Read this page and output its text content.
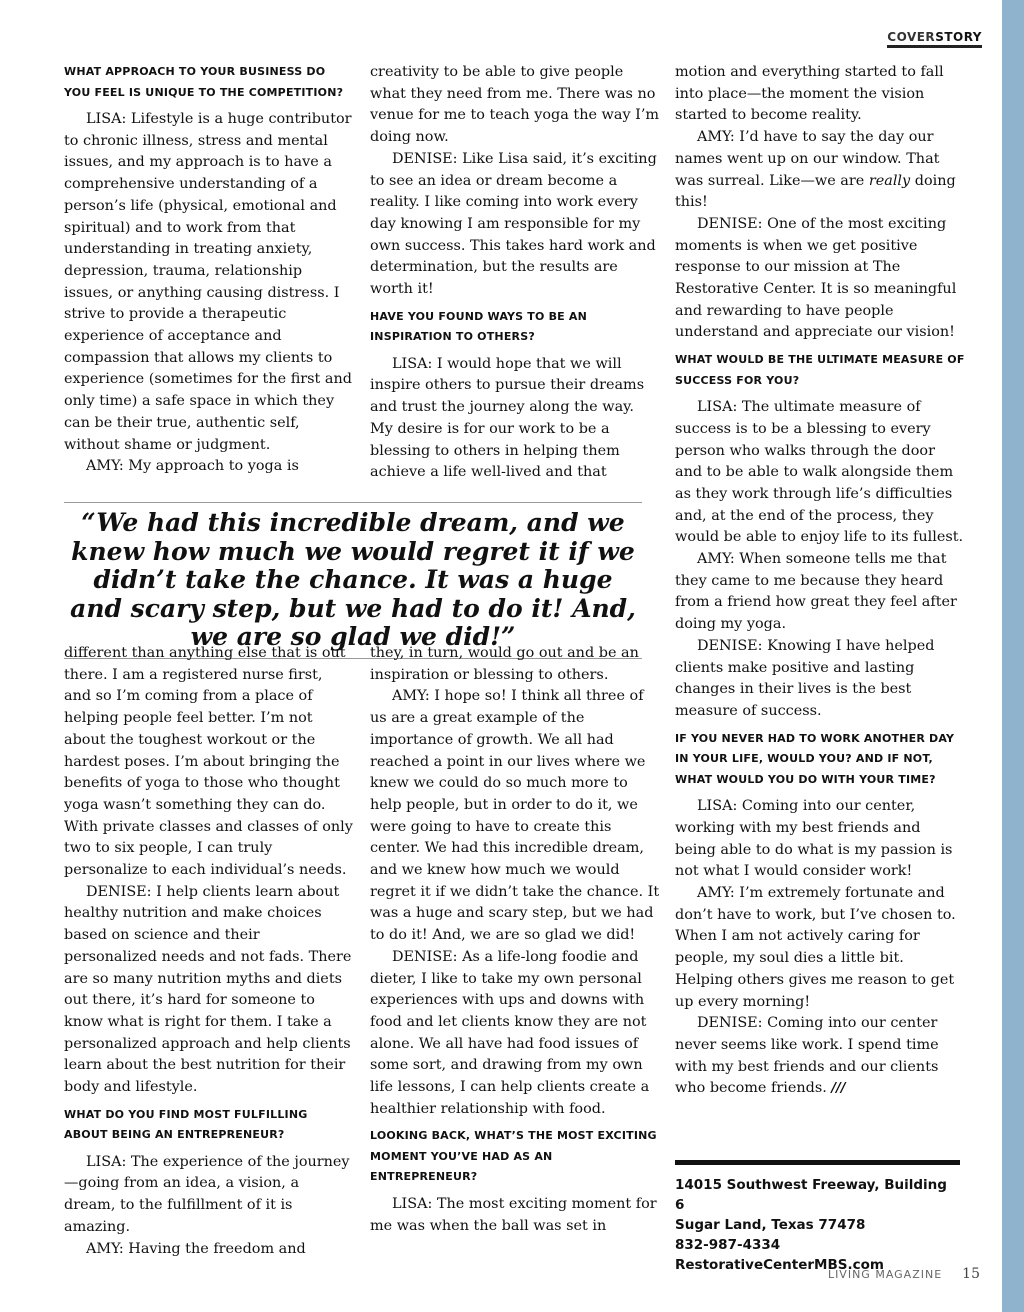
COVERSTORY
WHAT APPROACH TO YOUR BUSINESS DO YOU FEEL IS UNIQUE TO THE COMPETITION?

LISA: Lifestyle is a huge contributor to chronic illness, stress and mental issues, and my approach is to have a comprehensive understanding of a person’s life (physical, emotional and spiritual) and to work from that understanding in treating anxiety, depression, trauma, relationship issues, or anything causing distress. I strive to provide a therapeutic experience of acceptance and compassion that allows my clients to experience (sometimes for the first and only time) a safe space in which they can be their true, authentic self, without shame or judgment.

AMY: My approach to yoga is

creativity to be able to give people what they need from me. There was no venue for me to teach yoga the way I’m doing now.

DENISE: Like Lisa said, it’s exciting to see an idea or dream become a reality. I like coming into work every day knowing I am responsible for my own success. This takes hard work and determination, but the results are worth it!

HAVE YOU FOUND WAYS TO BE AN INSPIRATION TO OTHERS?

LISA: I would hope that we will inspire others to pursue their dreams and trust the journey along the way. My desire is for our work to be a blessing to others in helping them achieve a life well-lived and that

“We had this incredible dream, and we knew how much we would regret it if we didn’t take the chance. It was a huge and scary step, but we had to do it! And, we are so glad we did!”

different than anything else that is out there. I am a registered nurse first, and so I’m coming from a place of helping people feel better. I’m not about the toughest workout or the hardest poses. I’m about bringing the benefits of yoga to those who thought yoga wasn’t something they can do. With private classes and classes of only two to six people, I can truly personalize to each individual’s needs.

DENISE: I help clients learn about healthy nutrition and make choices based on science and their personalized needs and not fads. There are so many nutrition myths and diets out there, it’s hard for someone to know what is right for them. I take a personalized approach and help clients learn about the best nutrition for their body and lifestyle.

WHAT DO YOU FIND MOST FULFILLING ABOUT BEING AN ENTREPRENEUR?

LISA: The experience of the journey—going from an idea, a vision, a dream, to the fulfillment of it is amazing.

AMY: Having the freedom and

they, in turn, would go out and be an inspiration or blessing to others.

AMY: I hope so! I think all three of us are a great example of the importance of growth. We all had reached a point in our lives where we knew we could do so much more to help people, but in order to do it, we were going to have to create this center. We had this incredible dream, and we knew how much we would regret it if we didn’t take the chance. It was a huge and scary step, but we had to do it! And, we are so glad we did!

DENISE: As a life-long foodie and dieter, I like to take my own personal experiences with ups and downs with food and let clients know they are not alone. We all have had food issues of some sort, and drawing from my own life lessons, I can help clients create a healthier relationship with food.

LOOKING BACK, WHAT’S THE MOST EXCITING MOMENT YOU’VE HAD AS AN ENTREPRENEUR?

LISA: The most exciting moment for me was when the ball was set in

motion and everything started to fall into place—the moment the vision started to become reality.

AMY: I’d have to say the day our names went up on our window. That was surreal. Like—we are really doing this!

DENISE: One of the most exciting moments is when we get positive response to our mission at The Restorative Center. It is so meaningful and rewarding to have people understand and appreciate our vision!

WHAT WOULD BE THE ULTIMATE MEASURE OF SUCCESS FOR YOU?

LISA: The ultimate measure of success is to be a blessing to every person who walks through the door and to be able to walk alongside them as they work through life’s difficulties and, at the end of the process, they would be able to enjoy life to its fullest.

AMY: When someone tells me that they came to me because they heard from a friend how great they feel after doing my yoga.

DENISE: Knowing I have helped clients make positive and lasting changes in their lives is the best measure of success.

IF YOU NEVER HAD TO WORK ANOTHER DAY IN YOUR LIFE, WOULD YOU? AND IF NOT, WHAT WOULD YOU DO WITH YOUR TIME?

LISA: Coming into our center, working with my best friends and being able to do what is my passion is not what I would consider work!

AMY: I’m extremely fortunate and don’t have to work, but I’ve chosen to. When I am not actively caring for people, my soul dies a little bit. Helping others gives me reason to get up every morning!

DENISE: Coming into our center never seems like work. I spend time with my best friends and our clients who become friends. ///

14015 Southwest Freeway, Building 6
Sugar Land, Texas 77478
832-987-4334
RestorativeCenterMBS.com
LIVING MAGAZINE 15
